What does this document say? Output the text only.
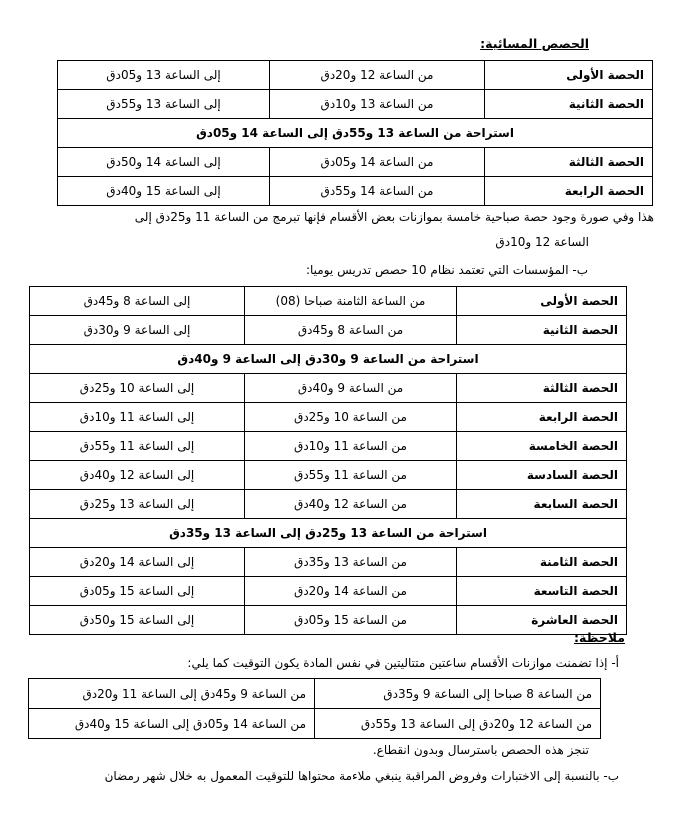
الحصص المسائية:
الحصة الأولى	من الساعة 12 و20دق	إلى الساعة 13 و05دق
الحصة الثانية	من الساعة 13 و10دق	إلى الساعة 13 و55دق
استراحة من الساعة 13 و55دق إلى الساعة 14 و05دق		
الحصة الثالثة	من الساعة 14 و05دق	إلى الساعة 14 و50دق
الحصة الرابعة	من الساعة 14 و55دق	إلى الساعة 15 و40دق
هذا وفي صورة وجود حصة صباحية خامسة بموازنات بعض الأقسام فإنها تبرمج من الساعة 11 و25دق إلى
الساعة 12 و10دق
ب- المؤسسات التي تعتمد نظام 10 حصص تدريس يوميا:
الحصة الأولى	من الساعة الثامنة صباحا (08)	إلى الساعة 8 و45دق
الحصة الثانية	من الساعة 8 و45دق	إلى الساعة 9 و30دق
استراحة من الساعة 9 و30دق إلى الساعة 9 و40دق		
الحصة الثالثة	من الساعة 9 و40دق	إلى الساعة 10 و25دق
الحصة الرابعة	من الساعة 10 و25دق	إلى الساعة 11 و10دق
الحصة الخامسة	من الساعة 11 و10دق	إلى الساعة 11 و55دق
الحصة السادسة	من الساعة 11 و55دق	إلى الساعة 12 و40دق
الحصة السابعة	من الساعة 12 و40دق	إلى الساعة 13 و25دق
استراحة من الساعة 13 و25دق إلى الساعة 13 و35دق		
الحصة الثامنة	من الساعة 13 و35دق	إلى الساعة 14 و20دق
الحصة التاسعة	من الساعة 14 و20دق	إلى الساعة 15 و05دق
الحصة العاشرة	من الساعة 15 و05دق	إلى الساعة 15 و50دق
ملاحظة:
أ- إذا تضمنت موازنات الأقسام ساعتين متتاليتين في نفس المادة يكون التوقيت كما يلي:
من الساعة 8 صباحا إلى الساعة 9 و35دق	من الساعة 9 و45دق إلى الساعة 11 و20دق
من الساعة 12 و20دق إلى الساعة 13 و55دق	من الساعة 14 و05دق إلى الساعة 15 و40دق
تنجز هذه الحصص باسترسال وبدون انقطاع.
ب- بالنسبة إلى الاختبارات وفروض المراقبة ينبغي ملاءمة محتواها للتوقيت المعمول به خلال شهر رمضان
